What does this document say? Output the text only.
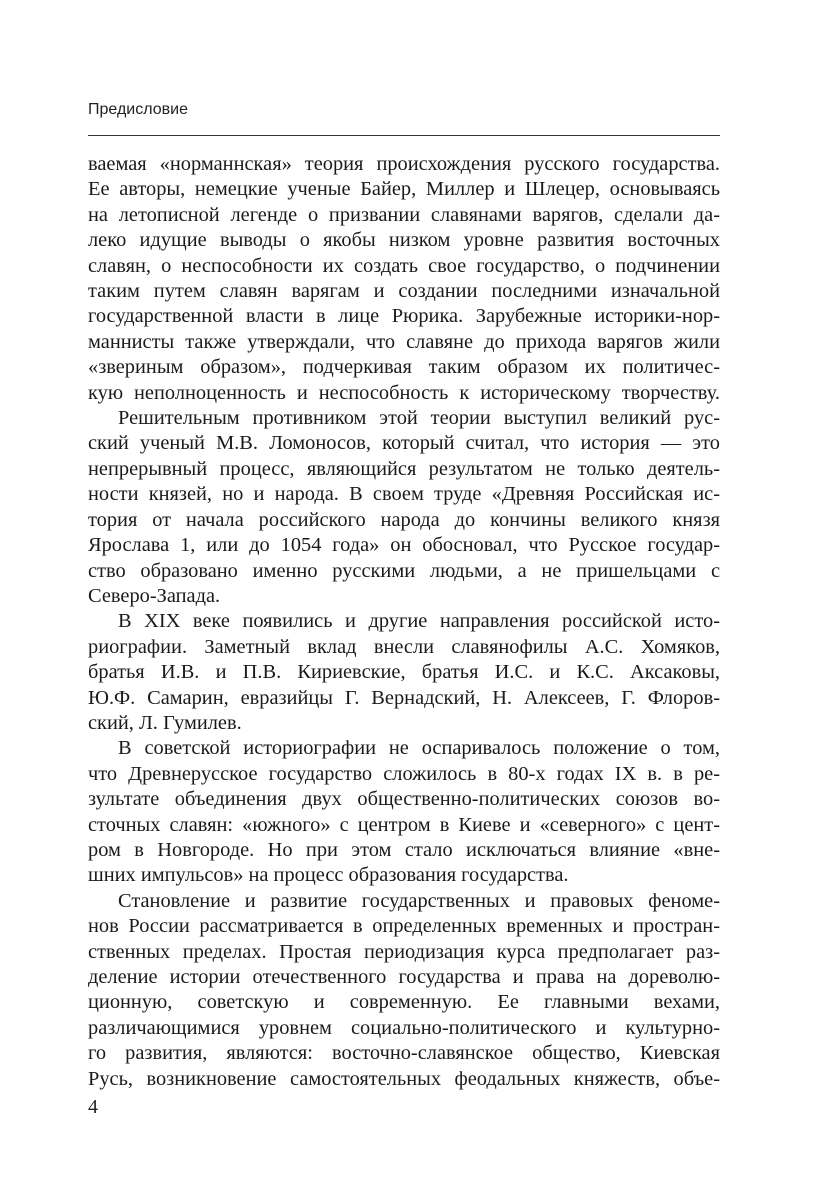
Предисловие
ваемая «норманнская» теория происхождения русского государства.
Ее авторы, немецкие ученые Байер, Миллер и Шлецер, основываясь
на летописной легенде о призвании славянами варягов, сделали да-
леко идущие выводы о якобы низком уровне развития восточных
славян, о неспособности их создать свое государство, о подчинении
таким путем славян варягам и создании последними изначальной
государственной власти в лице Рюрика. Зарубежные историки-нор-
маннисты также утверждали, что славяне до прихода варягов жили
«звериным образом», подчеркивая таким образом их политичес-
кую неполноценность и неспособность к историческому творчеству.
Решительным противником этой теории выступил великий рус-
ский ученый М.В. Ломоносов, который считал, что история — это
непрерывный процесс, являющийся результатом не только деятель-
ности князей, но и народа. В своем труде «Древняя Российская ис-
тория от начала российского народа до кончины великого князя
Ярослава 1, или до 1054 года» он обосновал, что Русское государ-
ство образовано именно русскими людьми, а не пришельцами с
Северо-Запада.
В XIX веке появились и другие направления российской исто-
риографии. Заметный вклад внесли славянофилы А.С. Хомяков,
братья И.В. и П.В. Кириевские, братья И.С. и К.С. Аксаковы,
Ю.Ф. Самарин, евразийцы Г. Вернадский, Н. Алексеев, Г. Флоров-
ский, Л. Гумилев.
В советской историографии не оспаривалось положение о том,
что Древнерусское государство сложилось в 80-х годах IX в. в ре-
зультате объединения двух общественно-политических союзов во-
сточных славян: «южного» с центром в Киеве и «северного» с цент-
ром в Новгороде. Но при этом стало исключаться влияние «вне-
шних импульсов» на процесс образования государства.
Становление и развитие государственных и правовых феноме-
нов России рассматривается в определенных временных и простран-
ственных пределах. Простая периодизация курса предполагает раз-
деление истории отечественного государства и права на дореволю-
ционную, советскую и современную. Ее главными вехами,
различающимися уровнем социально-политического и культурно-
го развития, являются: восточно-славянское общество, Киевская
Русь, возникновение самостоятельных феодальных княжеств, объе-
4
